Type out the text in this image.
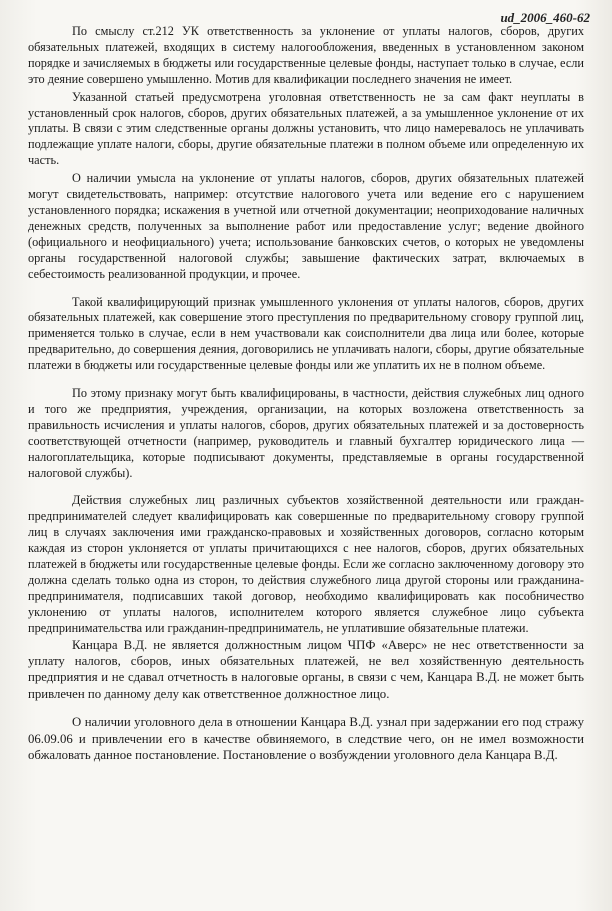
ud_2006_460-62

По смыслу ст.212 УК ответственность за уклонение от уплаты налогов, сборов, других обязательных платежей, входящих в систему налогообложения, введенных в установленном законом порядке и зачисляемых в бюджеты или государственные целевые фонды, наступает только в случае, если это деяние совершено умышленно. Мотив для квалификации последнего значения не имеет.

Указанной статьей предусмотрена уголовная ответственность не за сам факт неуплаты в установленный срок налогов, сборов, других обязательных платежей, а за умышленное уклонение от их уплаты. В связи с этим следственные органы должны установить, что лицо намеревалось не уплачивать подлежащие уплате налоги, сборы, другие обязательные платежи в полном объеме или определенную их часть.

О наличии умысла на уклонение от уплаты налогов, сборов, других обязательных платежей могут свидетельствовать, например: отсутствие налогового учета или ведение его с нарушением установленного порядка; искажения в учетной или отчетной документации; неоприходование наличных денежных средств, полученных за выполнение работ или предоставление услуг; ведение двойного (официального и неофициального) учета; использование банковских счетов, о которых не уведомлены органы государственной налоговой службы; завышение фактических затрат, включаемых в себестоимость реализованной продукции, и прочее.

Такой квалифицирующий признак умышленного уклонения от уплаты налогов, сборов, других обязательных платежей, как совершение этого преступления по предварительному сговору группой лиц, применяется только в случае, если в нем участвовали как соисполнители два лица или более, которые предварительно, до совершения деяния, договорились не уплачивать налоги, сборы, другие обязательные платежи в бюджеты или государственные целевые фонды или же уплатить их не в полном объеме.

По этому признаку могут быть квалифицированы, в частности, действия служебных лиц одного и того же предприятия, учреждения, организации, на которых возложена ответственность за правильность исчисления и уплаты налогов, сборов, других обязательных платежей и за достоверность соответствующей отчетности (например, руководитель и главный бухгалтер юридического лица — налогоплательщика, которые подписывают документы, представляемые в органы государственной налоговой службы).

Действия служебных лиц различных субъектов хозяйственной деятельности или граждан-предпринимателей следует квалифицировать как совершенные по предварительному сговору группой лиц в случаях заключения ими гражданско-правовых и хозяйственных договоров, согласно которым каждая из сторон уклоняется от уплаты причитающихся с нее налогов, сборов, других обязательных платежей в бюджеты или государственные целевые фонды. Если же согласно заключенному договору это должна сделать только одна из сторон, то действия служебного лица другой стороны или гражданина-предпринимателя, подписавших такой договор, необходимо квалифицировать как пособничество уклонению от уплаты налогов, исполнителем которого является служебное лицо субъекта предпринимательства или гражданин-предприниматель, не уплатившие обязательные платежи.

Канцара В.Д. не является должностным лицом ЧПФ «Аверс» не нес ответственности за уплату налогов, сборов, иных обязательных платежей, не вел хозяйственную деятельность предприятия и не сдавал отчетность в налоговые органы, в связи с чем, Канцара В.Д. не может быть привлечен по данному делу как ответственное должностное лицо.

О наличии уголовного дела в отношении Канцара В.Д. узнал при задержании его под стражу 06.09.06 и привлечении его в качестве обвиняемого, в следствие чего, он не имел возможности обжаловать данное постановление. Постановление о возбуждении уголовного дела Канцара В.Д.
